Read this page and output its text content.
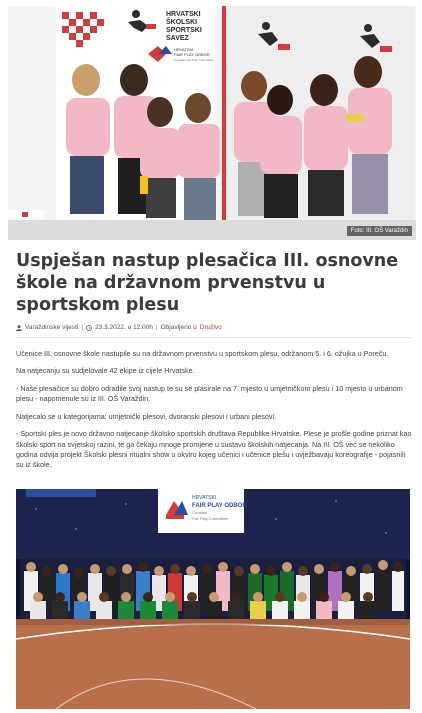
HRVATSKI
ŠKOLSKI
SPORTSKI
SAVEZ
HRVATSKI
FAIR PLAY ODBOR
Croatian Fair Play Committee
Foto: III. OŠ Varaždin
Uspješan nastup plesačica III. osnovne škole na državnom prvenstvu u sportskom plesu
Varaždinske vijesti | 23.3.2022. u 12:00h | Objavljeno u Druživo

Učenice III. osnovne škole nastupile su na državnom prvenstvu u sportskom plesu, održanom 5. i 6. ožujka u Poreču.

Na natjecanju su sudjelovale 42 ekipe iz cijele Hrvatske.

- Naše plesačice su dobro odradile svoj nastup te su se plasirale na 7. mjesto u umjetničkom plesu i 10 mjesto u urbanom plesu - napomenule su iz III. OŠ Varaždin.

Natjecalo se u kategorijama: umjetnički plesovi, dvoranski plesovi i urbani plesovi.

- Sportski ples je novo državno natjecanje školsko sportskih društava Republike Hrvatske. Plese je prošle godine priznat kao školski sport na svjetskoj razini, te ga čekaju mnoge promjene u sustavu školskih natjecanja. Na III. OŠ već se nekoliko godina odvija projekt Školski plesni ritualni show u okviru kojeg učenici i učenice plešu i uvježbavaju koreografije - pojasnili su iz škole.

HRVATSKI
FAIR PLAY ODBOR
Croatian
Fair Play Committee
